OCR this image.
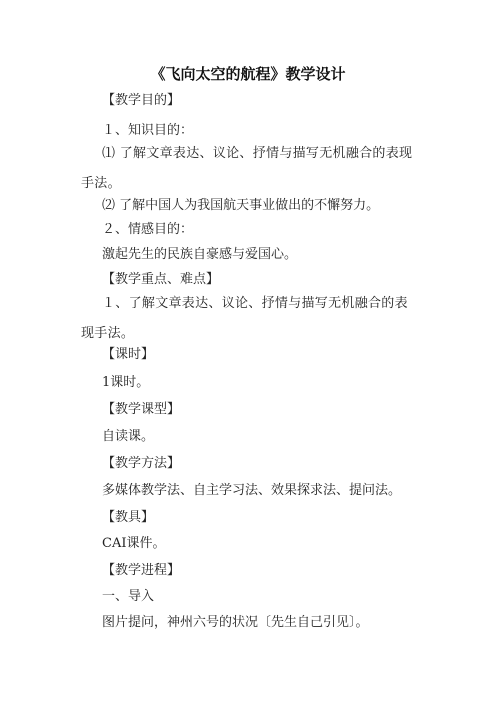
《飞向太空的航程》教学设计
【教学目的】
１、知识目的：
⑴ 了解文章表达、议论、抒情与描写无机融合的表现手法。
⑵ 了解中国人为我国航天事业做出的不懈努力。
２、情感目的：
激起先生的民族自豪感与爱国心。
【教学重点、难点】
１、了解文章表达、议论、抒情与描写无机融合的表现手法。
【课时】
1课时。
【教学课型】
自读课。
【教学方法】
多媒体教学法、自主学习法、效果探求法、提问法。
【教具】
CAI课件。
【教学进程】
一、导入
图片提问，神州六号的状况〔先生自己引见〕。
